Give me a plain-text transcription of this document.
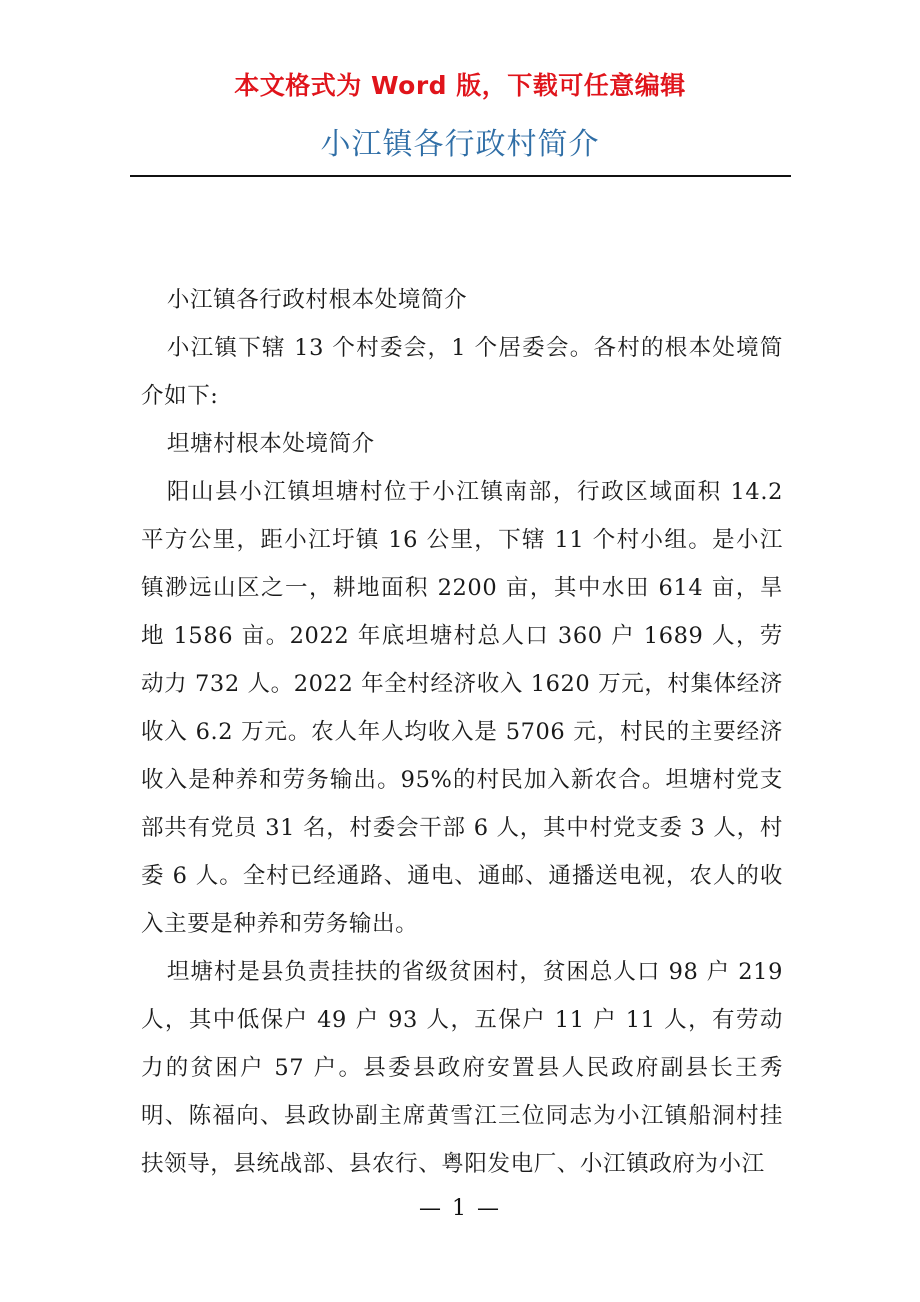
本文格式为 Word 版，下载可任意编辑
小江镇各行政村简介

小江镇各行政村根本处境简介

小江镇下辖 13 个村委会，1 个居委会。各村的根本处境简介如下:

坦塘村根本处境简介

阳山县小江镇坦塘村位于小江镇南部，行政区域面积 14.2 平方公里，距小江圩镇 16 公里，下辖 11 个村小组。是小江镇渺远山区之一，耕地面积 2200 亩，其中水田 614 亩，旱地 1586 亩。2022 年底坦塘村总人口 360 户 1689 人，劳动力 732 人。2022 年全村经济收入 1620 万元，村集体经济收入 6.2 万元。农人年人均收入是 5706 元，村民的主要经济收入是种养和劳务输出。95%的村民加入新农合。坦塘村党支部共有党员 31 名，村委会干部 6 人，其中村党支委 3 人，村委 6 人。全村已经通路、通电、通邮、通播送电视，农人的收入主要是种养和劳务输出。

坦塘村是县负责挂扶的省级贫困村，贫困总人口 98 户 219 人，其中低保户 49 户 93 人，五保户 11 户 11 人，有劳动力的贫困户 57 户。县委县政府安置县人民政府副县长王秀明、陈福向、县政协副主席黄雪江三位同志为小江镇船洞村挂扶领导，县统战部、县农行、粤阳发电厂、小江镇政府为小江

— 1 —
